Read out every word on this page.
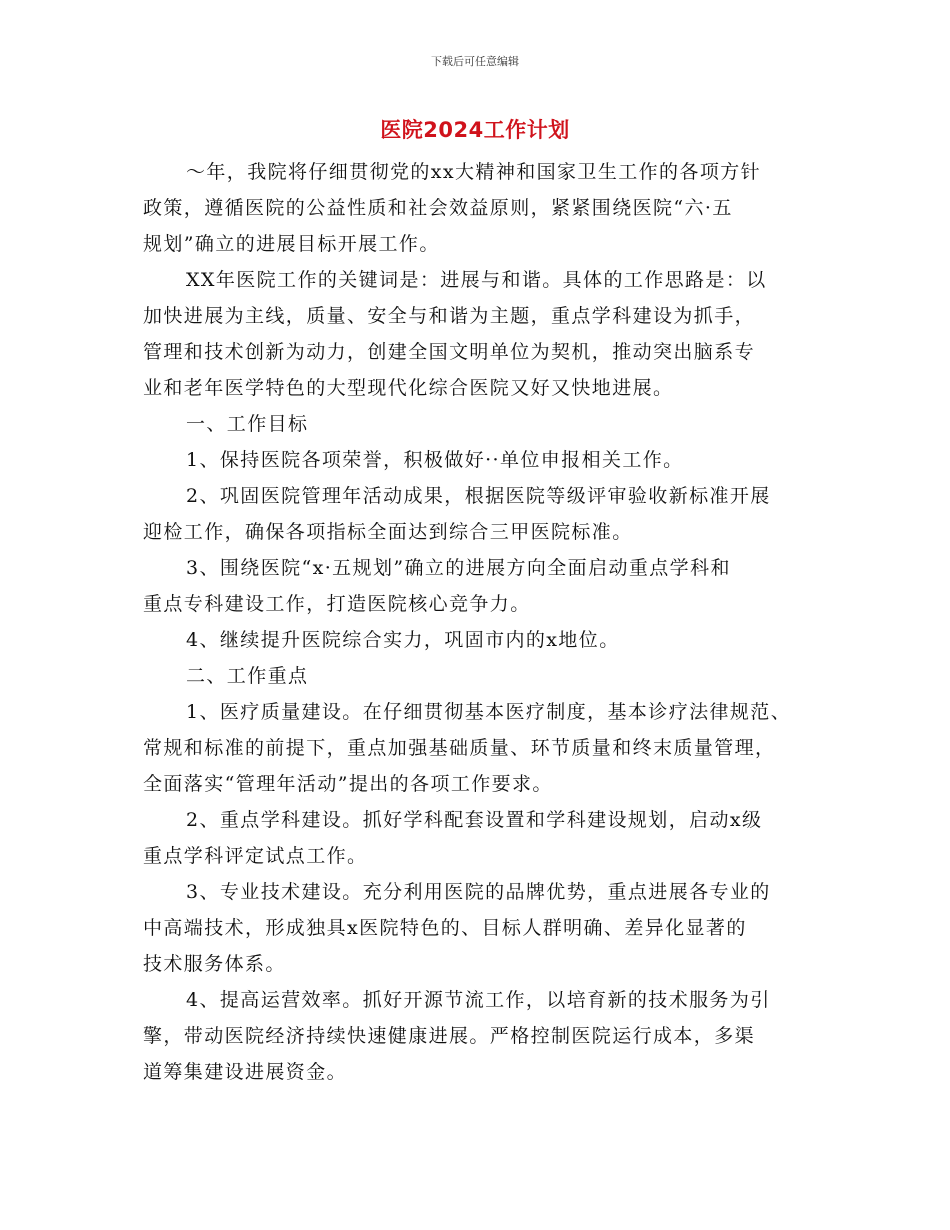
下载后可任意编辑
医院2024工作计划
～年，我院将仔细贯彻党的xx大精神和国家卫生工作的各项方针
政策，遵循医院的公益性质和社会效益原则，紧紧围绕医院“六·五
规划”确立的进展目标开展工作。
XX年医院工作的关键词是：进展与和谐。具体的工作思路是：以
加快进展为主线，质量、安全与和谐为主题，重点学科建设为抓手，
管理和技术创新为动力，创建全国文明单位为契机，推动突出脑系专
业和老年医学特色的大型现代化综合医院又好又快地进展。
一、工作目标
1、保持医院各项荣誉，积极做好··单位申报相关工作。
2、巩固医院管理年活动成果，根据医院等级评审验收新标准开展
迎检工作，确保各项指标全面达到综合三甲医院标准。
3、围绕医院“x·五规划”确立的进展方向全面启动重点学科和
重点专科建设工作，打造医院核心竞争力。
4、继续提升医院综合实力，巩固市内的x地位。
二、工作重点
1、医疗质量建设。在仔细贯彻基本医疗制度，基本诊疗法律规范、
常规和标准的前提下，重点加强基础质量、环节质量和终末质量管理，
全面落实“管理年活动”提出的各项工作要求。
2、重点学科建设。抓好学科配套设置和学科建设规划，启动x级
重点学科评定试点工作。
3、专业技术建设。充分利用医院的品牌优势，重点进展各专业的
中高端技术，形成独具x医院特色的、目标人群明确、差异化显著的
技术服务体系。
4、提高运营效率。抓好开源节流工作，以培育新的技术服务为引
擎，带动医院经济持续快速健康进展。严格控制医院运行成本，多渠
道筹集建设进展资金。
